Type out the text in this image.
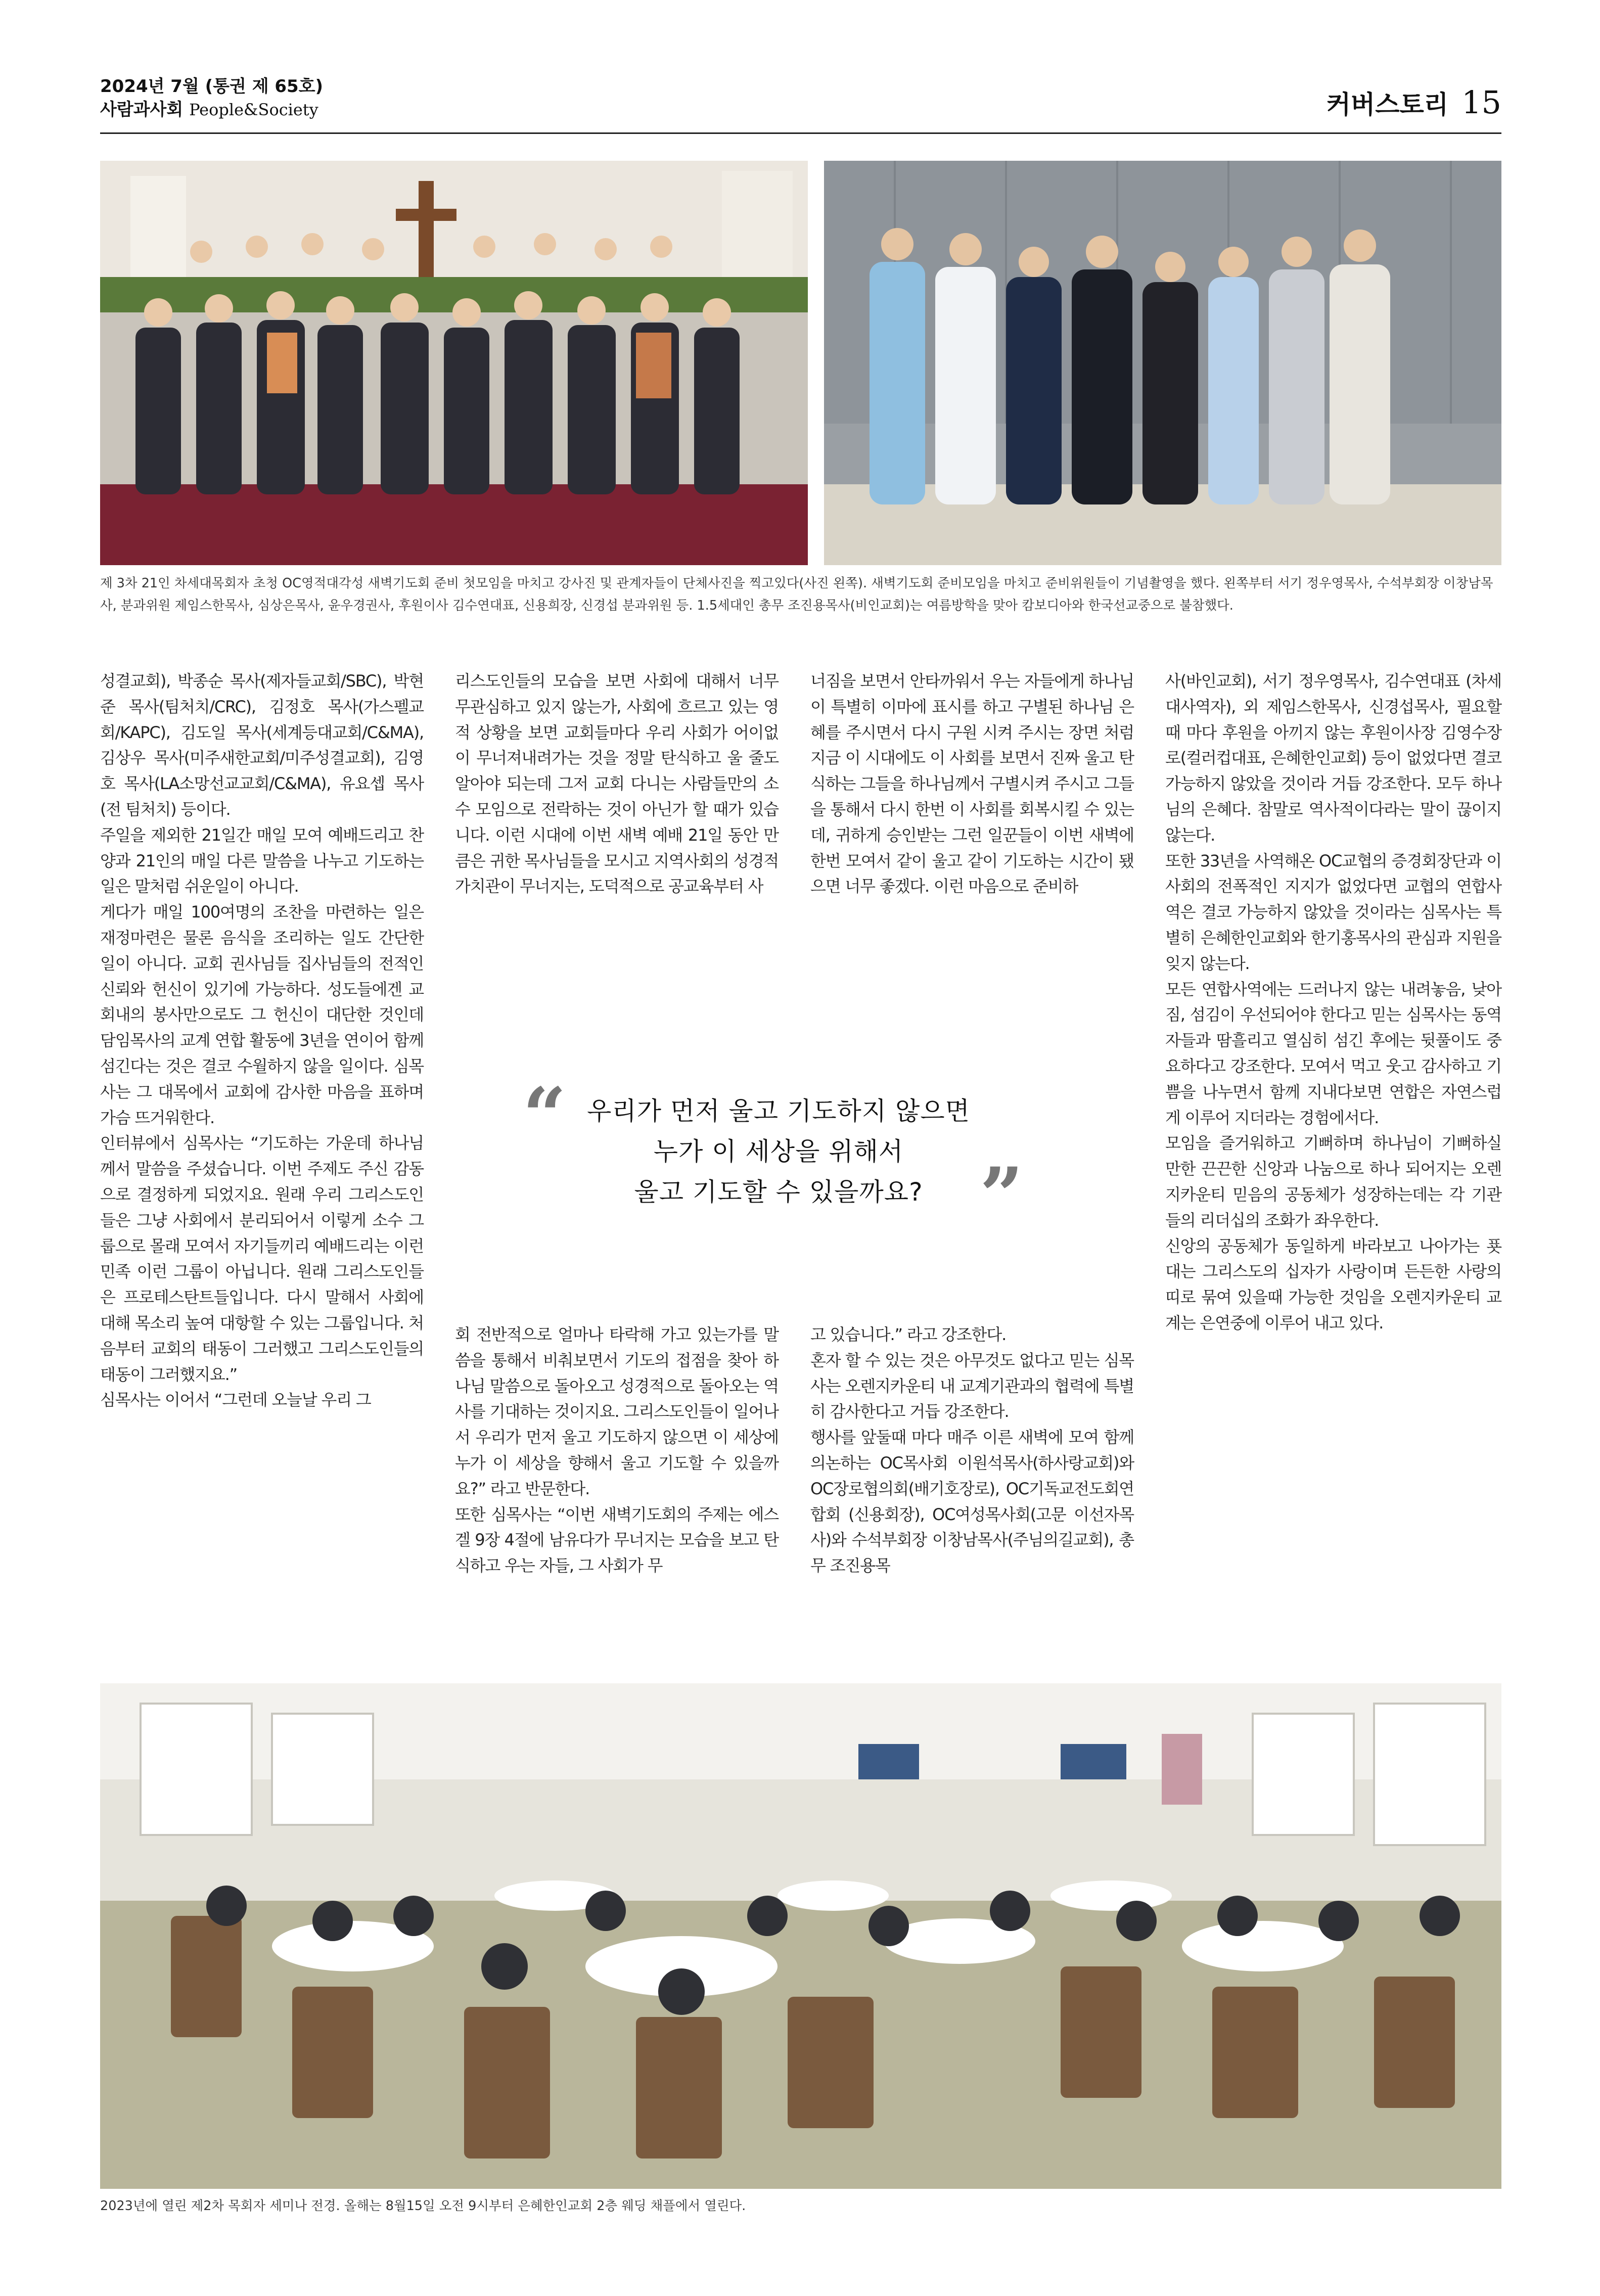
2024년 7월 (통권 제 65호)
사람과사회 People&Society	커버스토리 15
제 3차 21인 차세대목회자 초청 OC영적대각성 새벽기도회 준비 첫모임을 마치고 강사진 및 관계자들이 단체사진을 찍고있다(사진 왼쪽). 새벽기도회 준비모임을 마치고 준비위원들이 기념촬영을 했다. 왼쪽부터 서기 정우영목사, 수석부회장 이창남목사, 분과위원 제임스한목사, 심상은목사, 윤우경권사, 후원이사 김수연대표, 신용희장, 신경섭 분과위원 등. 1.5세대인 총무 조진용목사(비인교회)는 여름방학을 맞아 캄보디아와 한국선교중으로 불참했다.

성결교회), 박종순 목사(제자들교회/SBC), 박현준 목사(팀처치/CRC), 김정호 목사(가스펠교회/KAPC), 김도일 목사(세계등대교회/C&MA), 김상우 목사(미주새한교회/미주성결교회), 김영호 목사(LA소망선교교회/C&MA), 유요셉 목사(전 팀처치) 등이다.
주일을 제외한 21일간 매일 모여 예배드리고 찬양과 21인의 매일 다른 말씀을 나누고 기도하는 일은 말처럼 쉬운일이 아니다.
게다가 매일 100여명의 조찬을 마련하는 일은 재정마련은 물론 음식을 조리하는 일도 간단한 일이 아니다. 교회 권사님들 집사님들의 전적인 신뢰와 헌신이 있기에 가능하다. 성도들에겐 교회내의 봉사만으로도 그 헌신이 대단한 것인데 담임목사의 교계 연합 활동에 3년을 연이어 함께 섬긴다는 것은 결코 수월하지 않을 일이다. 심목사는 그 대목에서 교회에 감사한 마음을 표하며 가슴 뜨거워한다.
인터뷰에서 심목사는 “기도하는 가운데 하나님께서 말씀을 주셨습니다. 이번 주제도 주신 감동으로 결정하게 되었지요. 원래 우리 그리스도인들은 그냥 사회에서 분리되어서 이렇게 소수 그룹으로 몰래 모여서 자기들끼리 예배드리는 이런 민족 이런 그룹이 아닙니다. 원래 그리스도인들은 프로테스탄트들입니다. 다시 말해서 사회에 대해 목소리 높여 대항할 수 있는 그룹입니다. 처음부터 교회의 태동이 그러했고 그리스도인들의 태동이 그러했지요.”
심목사는 이어서 “그런데 오늘날 우리 그

리스도인들의 모습을 보면 사회에 대해서 너무 무관심하고 있지 않는가, 사회에 흐르고 있는 영적 상황을 보면 교회들마다 우리 사회가 어이없이 무너져내려가는 것을 정말 탄식하고 울 줄도 알아야 되는데 그저 교회 다니는 사람들만의 소수 모임으로 전락하는 것이 아닌가 할 때가 있습니다. 이런 시대에 이번 새벽 예배 21일 동안 만큼은 귀한 목사님들을 모시고 지역사회의 성경적 가치관이 무너지는, 도덕적으로 공교육부터 사

너짐을 보면서 안타까워서 우는 자들에게 하나님이 특별히 이마에 표시를 하고 구별된 하나님 은혜를 주시면서 다시 구원 시켜 주시는 장면 처럼 지금 이 시대에도 이 사회를 보면서 진짜 울고 탄식하는 그들을 하나님께서 구별시켜 주시고 그들을 통해서 다시 한번 이 사회를 회복시킬 수 있는데, 귀하게 승인받는 그런 일꾼들이 이번 새벽에 한번 모여서 같이 울고 같이 기도하는 시간이 됐으면 너무 좋겠다. 이런 마음으로 준비하

“ 우리가 먼저 울고 기도하지 않으면
누가 이 세상을 위해서
울고 기도할 수 있을까요? ”

회 전반적으로 얼마나 타락해 가고 있는가를 말씀을 통해서 비춰보면서 기도의 접점을 찾아 하나님 말씀으로 돌아오고 성경적으로 돌아오는 역사를 기대하는 것이지요. 그리스도인들이 일어나서 우리가 먼저 울고 기도하지 않으면 이 세상에 누가 이 세상을 향해서 울고 기도할 수 있을까요?” 라고 반문한다.
또한 심목사는 “이번 새벽기도회의 주제는 에스겔 9장 4절에 남유다가 무너지는 모습을 보고 탄식하고 우는 자들, 그 사회가 무

고 있습니다.” 라고 강조한다.
혼자 할 수 있는 것은 아무것도 없다고 믿는 심목사는 오렌지카운티 내 교계기관과의 협력에 특별히 감사한다고 거듭 강조한다.
행사를 앞둘때 마다 매주 이른 새벽에 모여 함께 의논하는 OC목사회 이원석목사(하사랑교회)와 OC장로협의회(배기호장로), OC기독교전도회연합회 (신용회장), OC여성목사회(고문 이선자목사)와 수석부회장 이창남목사(주님의길교회), 총무 조진용목

사(바인교회), 서기 정우영목사, 김수연대표 (차세대사역자), 외 제임스한목사, 신경섭목사, 필요할 때 마다 후원을 아끼지 않는 후원이사장 김영수장로(컬러컵대표, 은혜한인교회) 등이 없었다면 결코 가능하지 않았을 것이라 거듭 강조한다. 모두 하나님의 은혜다. 참말로 역사적이다라는 말이 끊이지 않는다.
또한 33년을 사역해온 OC교협의 증경회장단과 이사회의 전폭적인 지지가 없었다면 교협의 연합사역은 결코 가능하지 않았을 것이라는 심목사는 특별히 은혜한인교회와 한기홍목사의 관심과 지원을 잊지 않는다.
모든 연합사역에는 드러나지 않는 내려놓음, 낮아짐, 섬김이 우선되어야 한다고 믿는 심목사는 동역자들과 땀흘리고 열심히 섬긴 후에는 뒷풀이도 중요하다고 강조한다. 모여서 먹고 웃고 감사하고 기쁨을 나누면서 함께 지내다보면 연합은 자연스럽게 이루어 지더라는 경험에서다.
모임을 즐거워하고 기뻐하며 하나님이 기뻐하실 만한 끈끈한 신앙과 나눔으로 하나 되어지는 오렌지카운티 믿음의 공동체가 성장하는데는 각 기관들의 리더십의 조화가 좌우한다.
신앙의 공동체가 동일하게 바라보고 나아가는 푯대는 그리스도의 십자가 사랑이며 든든한 사랑의 띠로 묶여 있을때 가능한 것임을 오렌지카운티 교계는 은연중에 이루어 내고 있다.

2023년에 열린 제2차 목회자 세미나 전경. 올해는 8월15일 오전 9시부터 은혜한인교회 2층 웨딩 채플에서 열린다.
